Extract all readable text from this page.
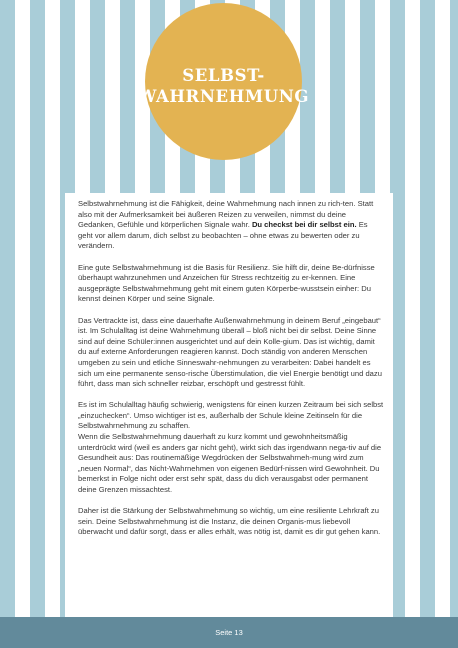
SELBST-
WAHRNEHMUNG

Selbstwahrnehmung ist die Fähigkeit, deine Wahrnehmung nach innen zu rich-ten. Statt also mit der Aufmerksamkeit bei äußeren Reizen zu verweilen, nimmst du deine Gedanken, Gefühle und körperlichen Signale wahr. Du checkst bei dir selbst ein. Es geht vor allem darum, dich selbst zu beobachten – ohne etwas zu bewerten oder zu verändern.

Eine gute Selbstwahrnehmung ist die Basis für Resilienz. Sie hilft dir, deine Be-dürfnisse überhaupt wahrzunehmen und Anzeichen für Stress rechtzeitig zu er-kennen. Eine ausgeprägte Selbstwahrnehmung geht mit einem guten Körperbe-wusstsein einher: Du kennst deinen Körper und seine Signale.

Das Vertrackte ist, dass eine dauerhafte Außenwahrnehmung in deinem Beruf „eingebaut“ ist. Im Schulalltag ist deine Wahrnehmung überall – bloß nicht bei dir selbst. Deine Sinne sind auf deine Schüler:innen ausgerichtet und auf dein Kolle-gium. Das ist wichtig, damit du auf externe Anforderungen reagieren kannst. Doch ständig von anderen Menschen umgeben zu sein und etliche Sinneswahr-nehmungen zu verarbeiten: Dabei handelt es sich um eine permanente senso-rische Überstimulation, die viel Energie benötigt und dazu führt, dass man sich schneller reizbar, erschöpft und gestresst fühlt.

Es ist im Schulalltag häufig schwierig, wenigstens für einen kurzen Zeitraum bei sich selbst „einzuchecken“. Umso wichtiger ist es, außerhalb der Schule kleine Zeitinseln für die Selbstwahrnehmung zu schaffen.

Wenn die Selbstwahrnehmung dauerhaft zu kurz kommt und gewohnheitsmäßig unterdrückt wird (weil es anders gar nicht geht), wirkt sich das irgendwann nega-tiv auf die Gesundheit aus: Das routinemäßige Wegdrücken der Selbstwahrneh-mung wird zum „neuen Normal“, das Nicht-Wahrnehmen von eigenen Bedürf-nissen wird Gewohnheit. Du bemerkst in Folge nicht oder erst sehr spät, dass du dich verausgabst oder permanent deine Grenzen missachtest.

Daher ist die Stärkung der Selbstwahrnehmung so wichtig, um eine resiliente Lehrkraft zu sein. Deine Selbstwahrnehmung ist die Instanz, die deinen Organis-mus liebevoll überwacht und dafür sorgt, dass er alles erhält, was nötig ist, damit es dir gut gehen kann.

Seite 13
